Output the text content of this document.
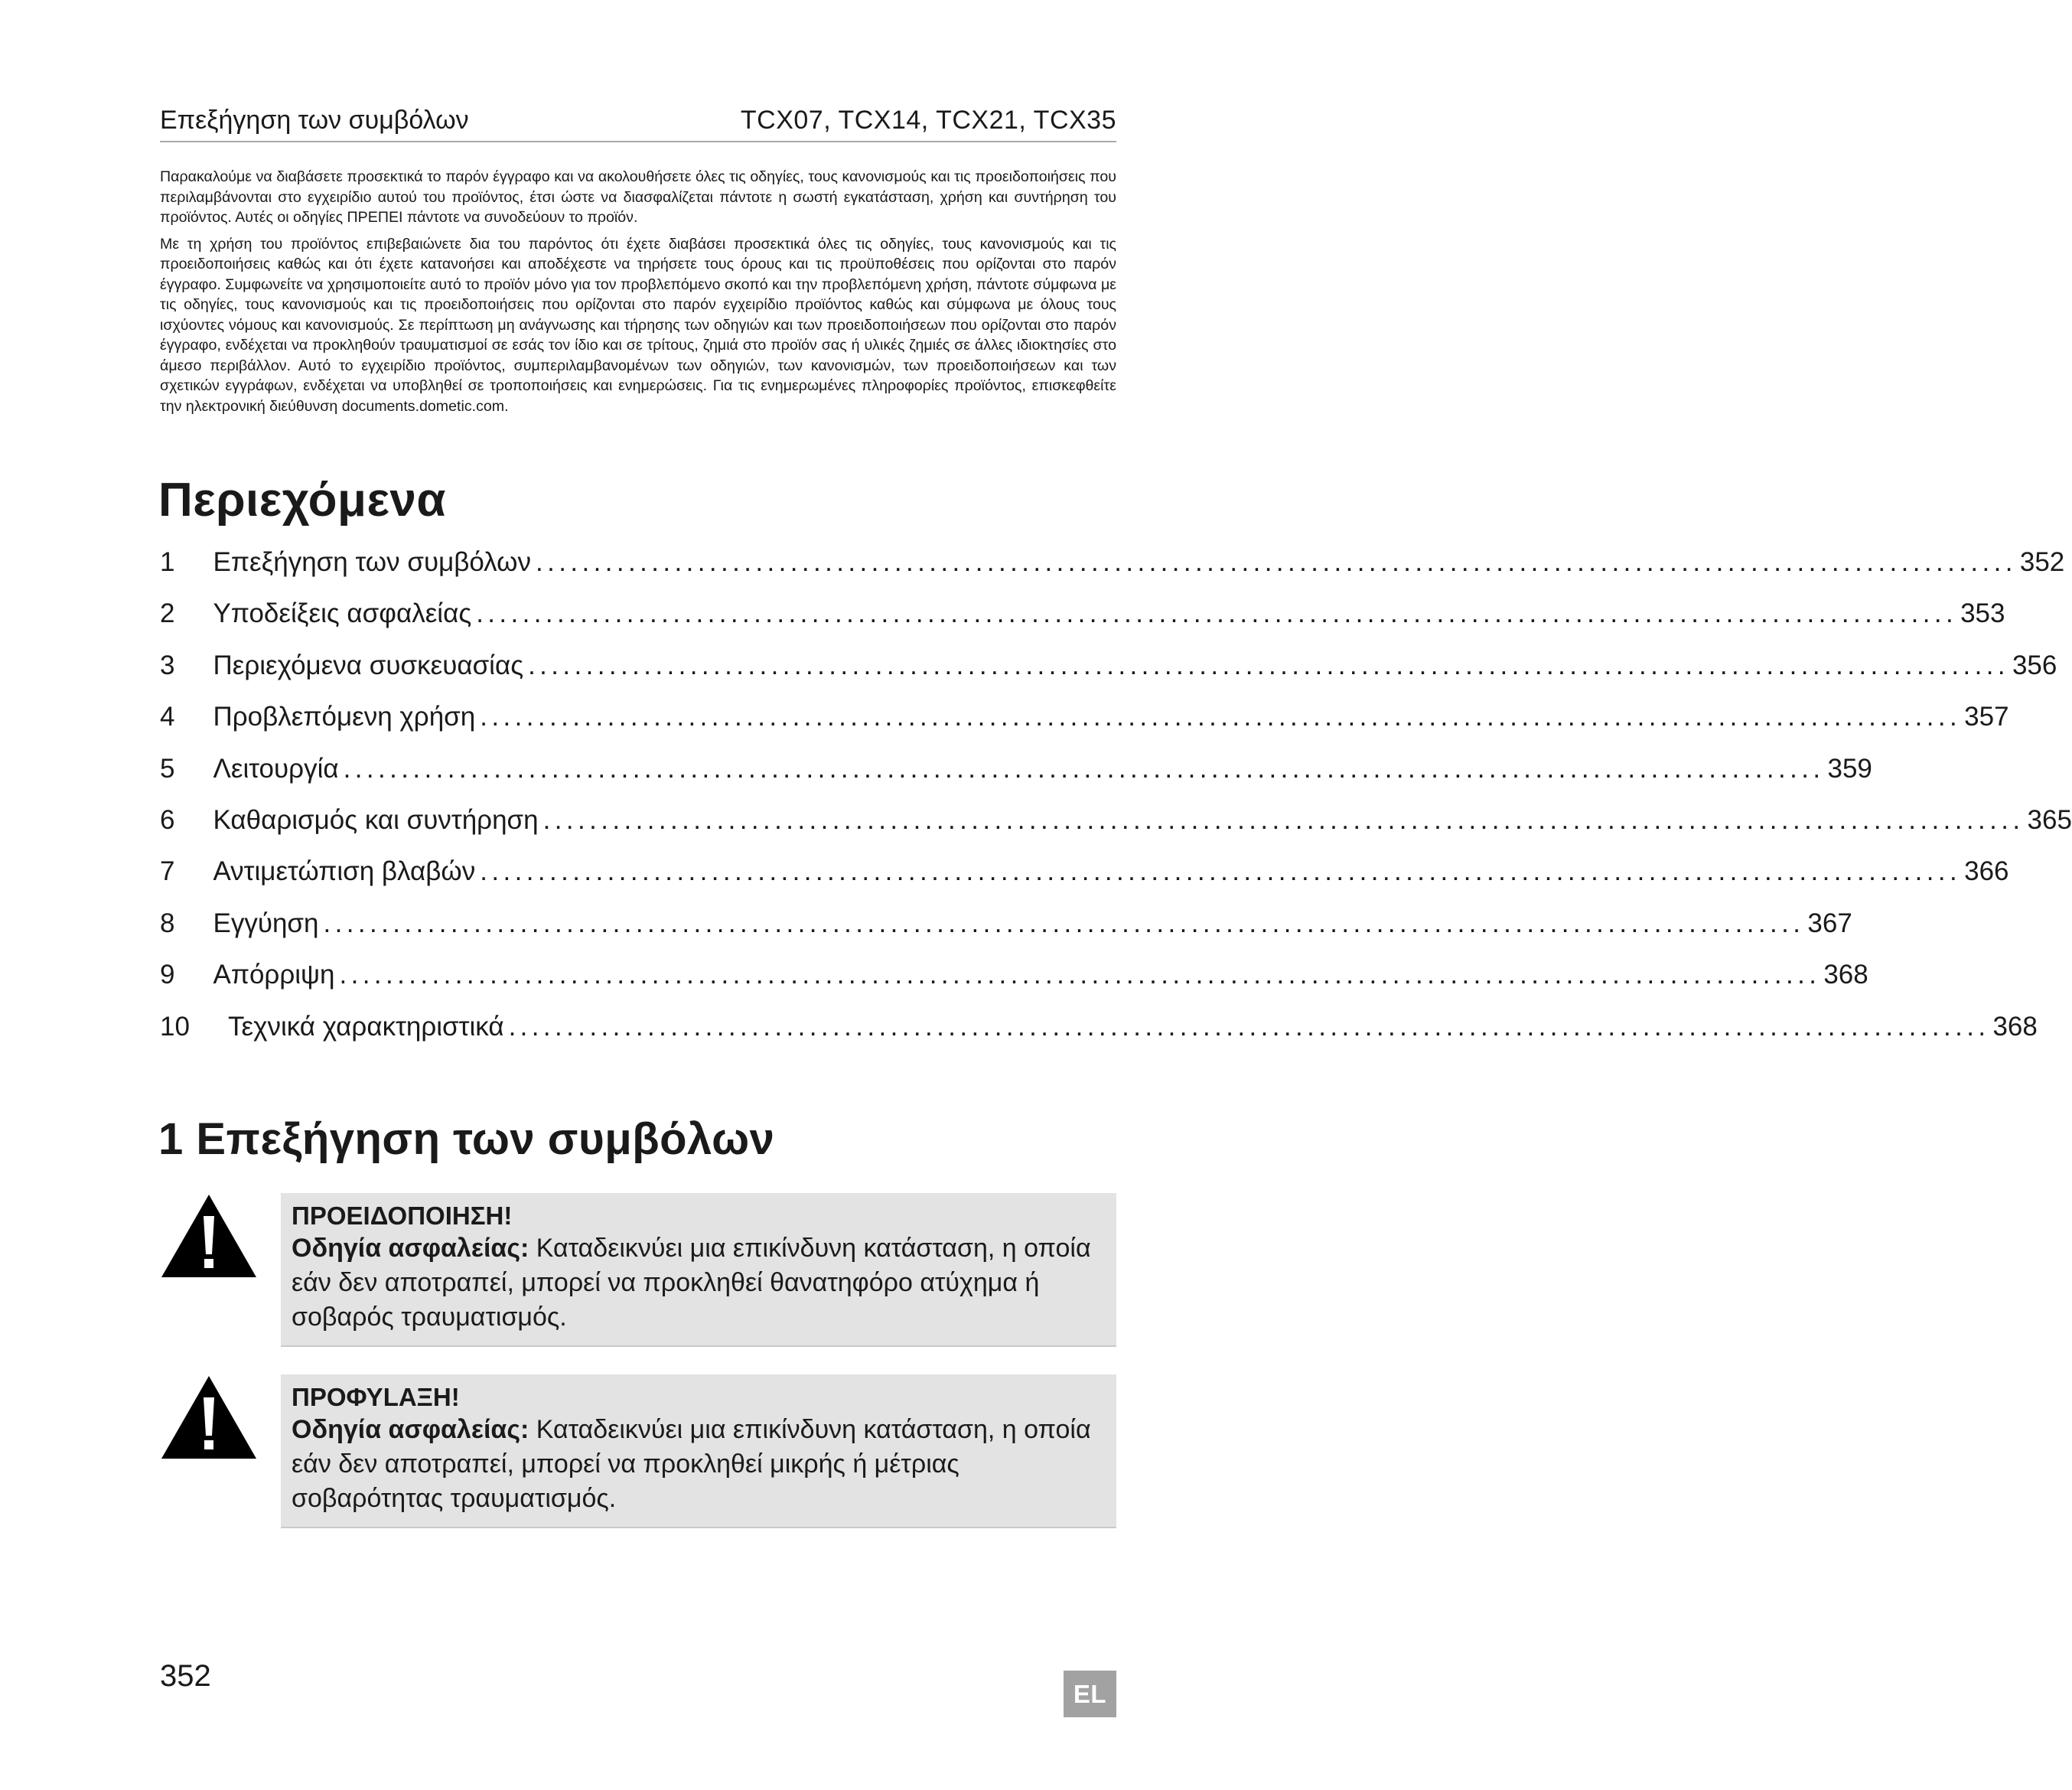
Επεξήγηση των συμβόλων	TCX07, TCX14, TCX21, TCX35

Παρακαλούμε να διαβάσετε προσεκτικά το παρόν έγγραφο και να ακολουθήσετε όλες τις οδηγίες, τους κανονισμούς και τις προειδοποιήσεις που περιλαμβάνονται στο εγχειρίδιο αυτού του προϊόντος, έτσι ώστε να διασφαλίζεται πάντοτε η σωστή εγκατάσταση, χρήση και συντήρηση του προϊόντος. Αυτές οι οδηγίες ΠΡΕΠΕΙ πάντοτε να συνοδεύουν το προϊόν.

Με τη χρήση του προϊόντος επιβεβαιώνετε δια του παρόντος ότι έχετε διαβάσει προσεκτικά όλες τις οδηγίες, τους κανονισμούς και τις προειδοποιήσεις καθώς και ότι έχετε κατανοήσει και αποδέχεστε να τηρήσετε τους όρους και τις προϋποθέσεις που ορίζονται στο παρόν έγγραφο. Συμφωνείτε να χρησιμοποιείτε αυτό το προϊόν μόνο για τον προβλεπόμενο σκοπό και την προβλεπόμενη χρήση, πάντοτε σύμφωνα με τις οδηγίες, τους κανονισμούς και τις προειδοποιήσεις που ορίζονται στο παρόν εγχειρίδιο προϊόντος καθώς και σύμφωνα με όλους τους ισχύοντες νόμους και κανονισμούς. Σε περίπτωση μη ανάγνωσης και τήρησης των οδηγιών και των προειδοποιήσεων που ορίζονται στο παρόν έγγραφο, ενδέχεται να προκληθούν τραυματισμοί σε εσάς τον ίδιο και σε τρίτους, ζημιά στο προϊόν σας ή υλικές ζημιές σε άλλες ιδιοκτησίες στο άμεσο περιβάλλον. Αυτό το εγχειρίδιο προϊόντος, συμπεριλαμβανομένων των οδηγιών, των κανονισμών, των προειδοποιήσεων και των σχετικών εγγράφων, ενδέχεται να υποβληθεί σε τροποποιήσεις και ενημερώσεις. Για τις ενημερωμένες πληροφορίες προϊόντος, επισκεφθείτε την ηλεκτρονική διεύθυνση documents.dometic.com.

Περιεχόμενα
1 Επεξήγηση των συμβόλων ................................................................................................................................ 352
2 Υποδείξεις ασφαλείας ................................................................................................................................ 353
3 Περιεχόμενα συσκευασίας ................................................................................................................................ 356
4 Προβλεπόμενη χρήση ................................................................................................................................ 357
5 Λειτουργία ................................................................................................................................ 359
6 Καθαρισμός και συντήρηση ................................................................................................................................ 365
7 Αντιμετώπιση βλαβών ................................................................................................................................ 366
8 Εγγύηση ................................................................................................................................ 367
9 Απόρριψη ................................................................................................................................ 368
10 Τεχνικά χαρακτηριστικά ................................................................................................................................ 368
1 Επεξήγηση των συμβόλων
ΠΡΟΕΙΔΟΠΟΙΗΣΗ!
Οδηγία ασφαλείας: Καταδεικνύει μια επικίνδυνη κατάσταση, η οποία εάν δεν αποτραπεί, μπορεί να προκληθεί θανατηφόρο ατύχημα ή σοβαρός τραυματισμός.
ΠΡΟΦΥLΑΞΗ!
Οδηγία ασφαλείας: Καταδεικνύει μια επικίνδυνη κατάσταση, η οποία εάν δεν αποτραπεί, μπορεί να προκληθεί μικρής ή μέτριας σοβαρότητας τραυματισμός.
352
EL
